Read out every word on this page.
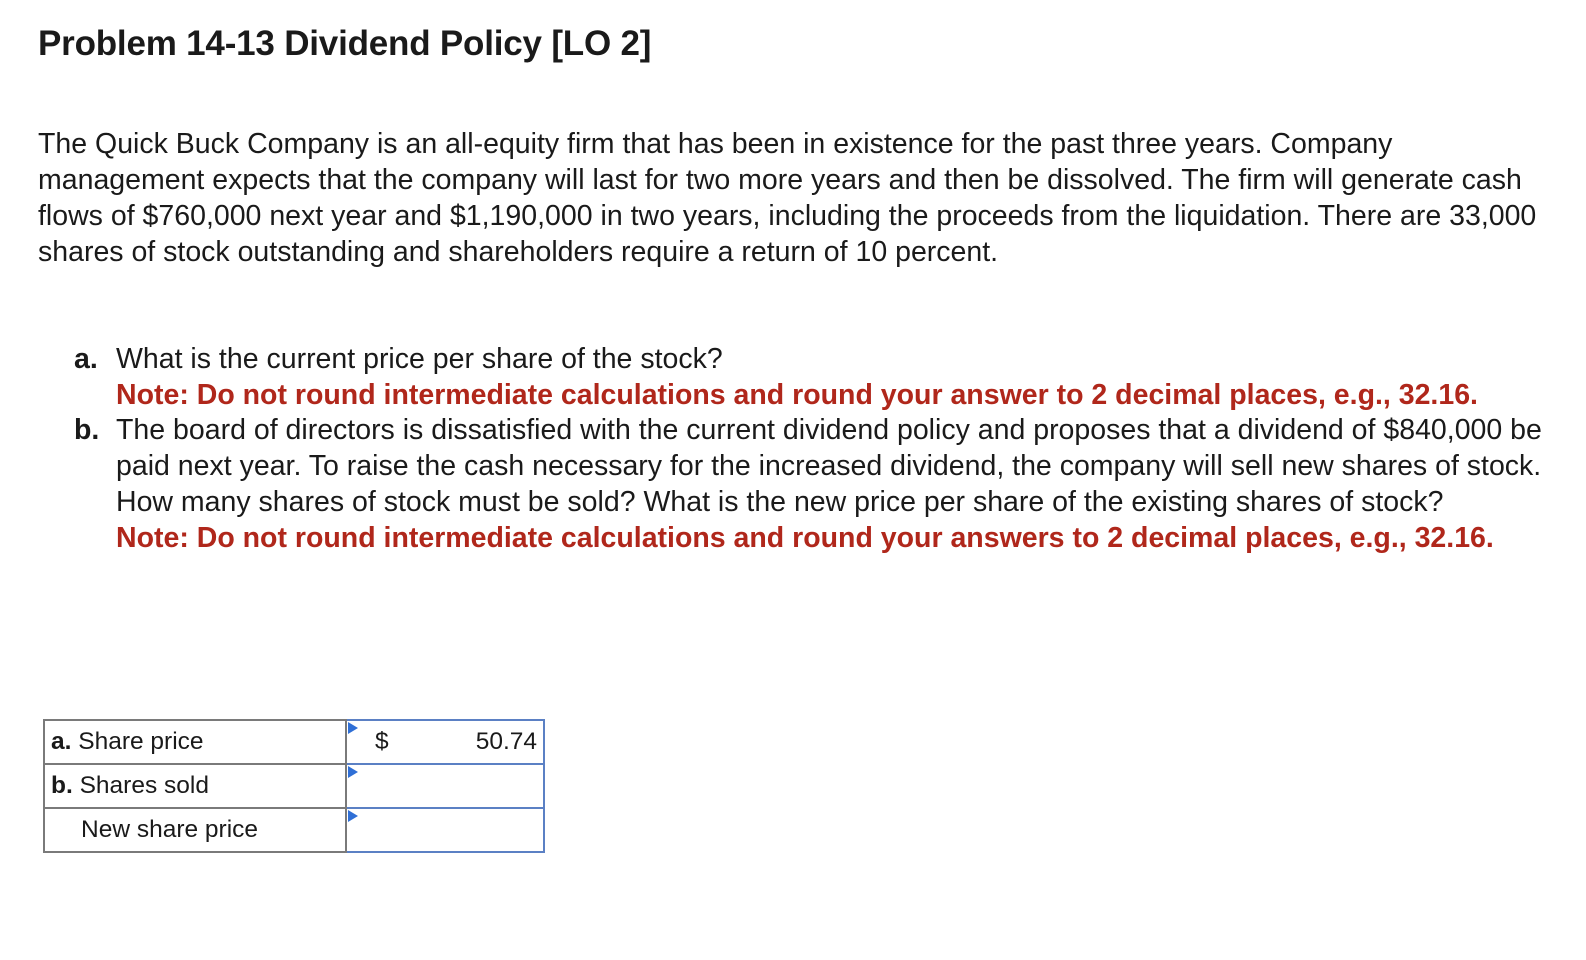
Problem 14-13 Dividend Policy [LO 2]

The Quick Buck Company is an all-equity firm that has been in existence for the past three years. Company management expects that the company will last for two more years and then be dissolved. The firm will generate cash flows of $760,000 next year and $1,190,000 in two years, including the proceeds from the liquidation. There are 33,000 shares of stock outstanding and shareholders require a return of 10 percent.

a. What is the current price per share of the stock?
Note: Do not round intermediate calculations and round your answer to 2 decimal places, e.g., 32.16.
b. The board of directors is dissatisfied with the current dividend policy and proposes that a dividend of $840,000 be paid next year. To raise the cash necessary for the increased dividend, the company will sell new shares of stock. How many shares of stock must be sold? What is the new price per share of the existing shares of stock?
Note: Do not round intermediate calculations and round your answers to 2 decimal places, e.g., 32.16.
a. Share price	$ 50.74

b. Shares sold	

New share price	
